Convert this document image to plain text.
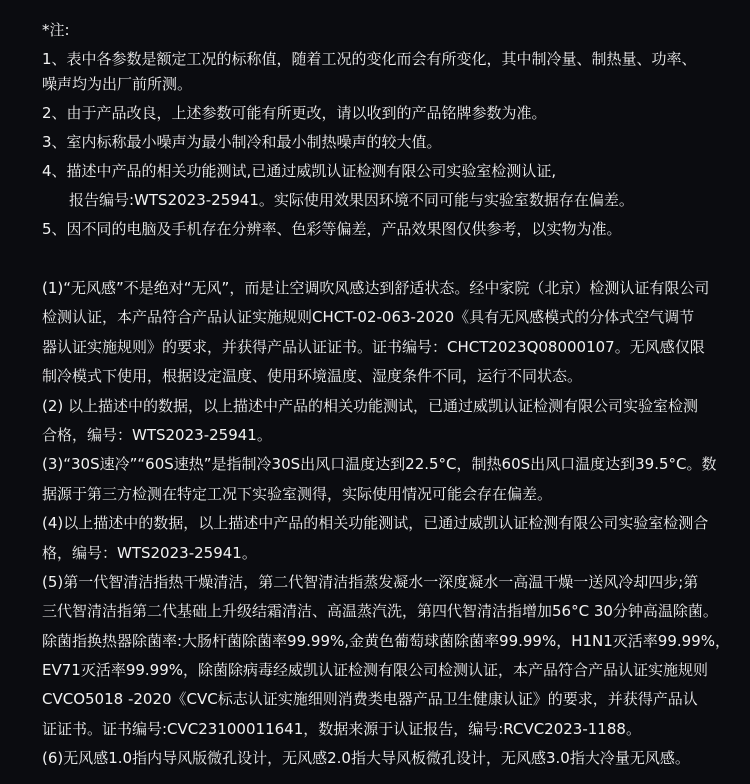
*注:
1、表中各参数是额定工况的标称值，随着工况的变化而会有所变化，其中制冷量、制热量、功率、
噪声均为出厂前所测。
2、由于产品改良，上述参数可能有所更改，请以收到的产品铭牌参数为准。
3、室内标称最小噪声为最小制冷和最小制热噪声的较大值。
4、描述中产品的相关功能测试,已通过威凯认证检测有限公司实验室检测认证,
报告编号:WTS2023-25941。实际使用效果因环境不同可能与实验室数据存在偏差。
5、因不同的电脑及手机存在分辨率、色彩等偏差，产品效果图仅供参考，以实物为准。
(1)“无风感”不是绝对“无风”，而是让空调吹风感达到舒适状态。经中家院（北京）检测认证有限公司
检测认证，本产品符合产品认证实施规则CHCT-02-063-2020《具有无风感模式的分体式空气调节
器认证实施规则》的要求，并获得产品认证证书。证书编号：CHCT2023Q08000107。无风感仅限
制冷模式下使用，根据设定温度、使用环境温度、湿度条件不同，运行不同状态。
(2) 以上描述中的数据，以上描述中产品的相关功能测试，已通过威凯认证检测有限公司实验室检测
合格，编号：WTS2023-25941。
(3)“30S速冷”“60S速热”是指制冷30S出风口温度达到22.5°C，制热60S出风口温度达到39.5°C。数
据源于第三方检测在特定工况下实验室测得，实际使用情况可能会存在偏差。
(4)以上描述中的数据，以上描述中产品的相关功能测试，已通过威凯认证检测有限公司实验室检测合
格，编号：WTS2023-25941。
(5)第一代智清洁指热干燥清洁，第二代智清洁指蒸发凝水一深度凝水一高温干燥一送风冷却四步;第
三代智清洁指第二代基础上升级结霜清洁、高温蒸汽洗，第四代智清洁指增加56°C 30分钟高温除菌。
除菌指换热器除菌率:大肠杆菌除菌率99.99%,金黄色葡萄球菌除菌率99.99%，H1N1灭活率99.99%，
EV71灭活率99.99%，除菌除病毒经威凯认证检测有限公司检测认证，本产品符合产品认证实施规则
CVCO5018 -2020《CVC标志认证实施细则消费类电器产品卫生健康认证》的要求，并获得产品认
证证书。证书编号:CVC23100011641，数据来源于认证报告，编号:RCVC2023-1188。
(6)无风感1.0指内导风版微孔设计，无风感2.0指大导风板微孔设计，无风感3.0指大冷量无风感。
